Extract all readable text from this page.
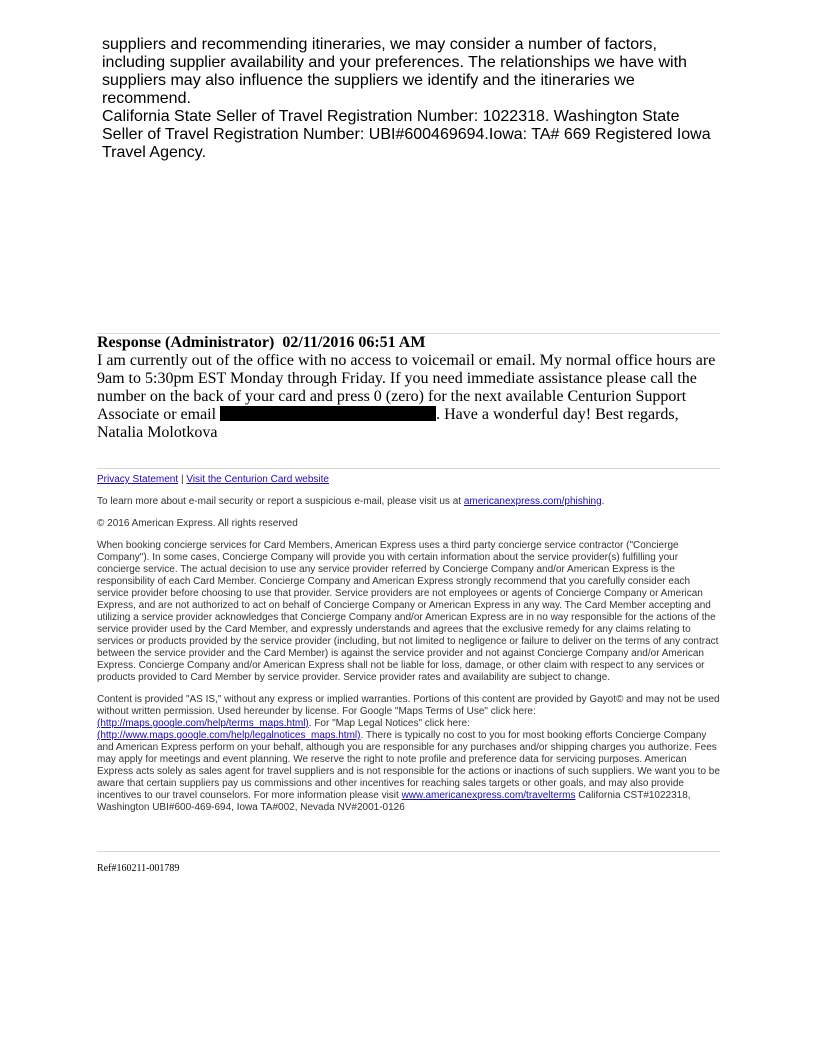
suppliers and recommending itineraries, we may consider a number of factors, including supplier availability and your preferences. The relationships we have with suppliers may also influence the suppliers we identify and the itineraries we recommend.

California State Seller of Travel Registration Number: 1022318. Washington State Seller of Travel Registration Number: UBI#600469694.Iowa: TA# 669 Registered Iowa Travel Agency.

Response (Administrator) 02/11/2016 06:51 AM
I am currently out of the office with no access to voicemail or email. My normal office hours are 9am to 5:30pm EST Monday through Friday. If you need immediate assistance please call the number on the back of your card and press 0 (zero) for the next available Centurion Support Associate or email	. Have a wonderful day! Best regards, Natalia Molotkova

Privacy Statement | Visit the Centurion Card website

To learn more about e-mail security or report a suspicious e-mail, please visit us at americanexpress.com/phishing.

© 2016 American Express. All rights reserved

When booking concierge services for Card Members, American Express uses a third party concierge service contractor ("Concierge Company"). In some cases, Concierge Company will provide you with certain information about the service provider(s) fulfilling your concierge service. The actual decision to use any service provider referred by Concierge Company and/or American Express is the responsibility of each Card Member. Concierge Company and American Express strongly recommend that you carefully consider each service provider before choosing to use that provider. Service providers are not employees or agents of Concierge Company or American Express, and are not authorized to act on behalf of Concierge Company or American Express in any way. The Card Member accepting and utilizing a service provider acknowledges that Concierge Company and/or American Express are in no way responsible for the actions of the service provider used by the Card Member, and expressly understands and agrees that the exclusive remedy for any claims relating to services or products provided by the service provider (including, but not limited to negligence or failure to deliver on the terms of any contract between the service provider and the Card Member) is against the service provider and not against Concierge Company and/or American Express. Concierge Company and/or American Express shall not be liable for loss, damage, or other claim with respect to any services or products provided to Card Member by service provider. Service provider rates and availability are subject to change.

Content is provided "AS IS," without any express or implied warranties. Portions of this content are provided by Gayot© and may not be used without written permission. Used hereunder by license. For Google "Maps Terms of Use" click here:
(http://maps.google.com/help/terms_maps.html). For "Map Legal Notices" click here:
(http://www.maps.google.com/help/legalnotices_maps.html). There is typically no cost to you for most booking efforts Concierge Company and American Express perform on your behalf, although you are responsible for any purchases and/or shipping charges you authorize. Fees may apply for meetings and event planning. We reserve the right to note profile and preference data for servicing purposes. American Express acts solely as sales agent for travel suppliers and is not responsible for the actions or inactions of such suppliers. We want you to be aware that certain suppliers pay us commissions and other incentives for reaching sales targets or other goals, and may also provide incentives to our travel counselors. For more information please visit www.americanexpress.com/travelterms California CST#1022318, Washington UBI#600-469-694, Iowa TA#002, Nevada NV#2001-0126

Ref#160211-001789
